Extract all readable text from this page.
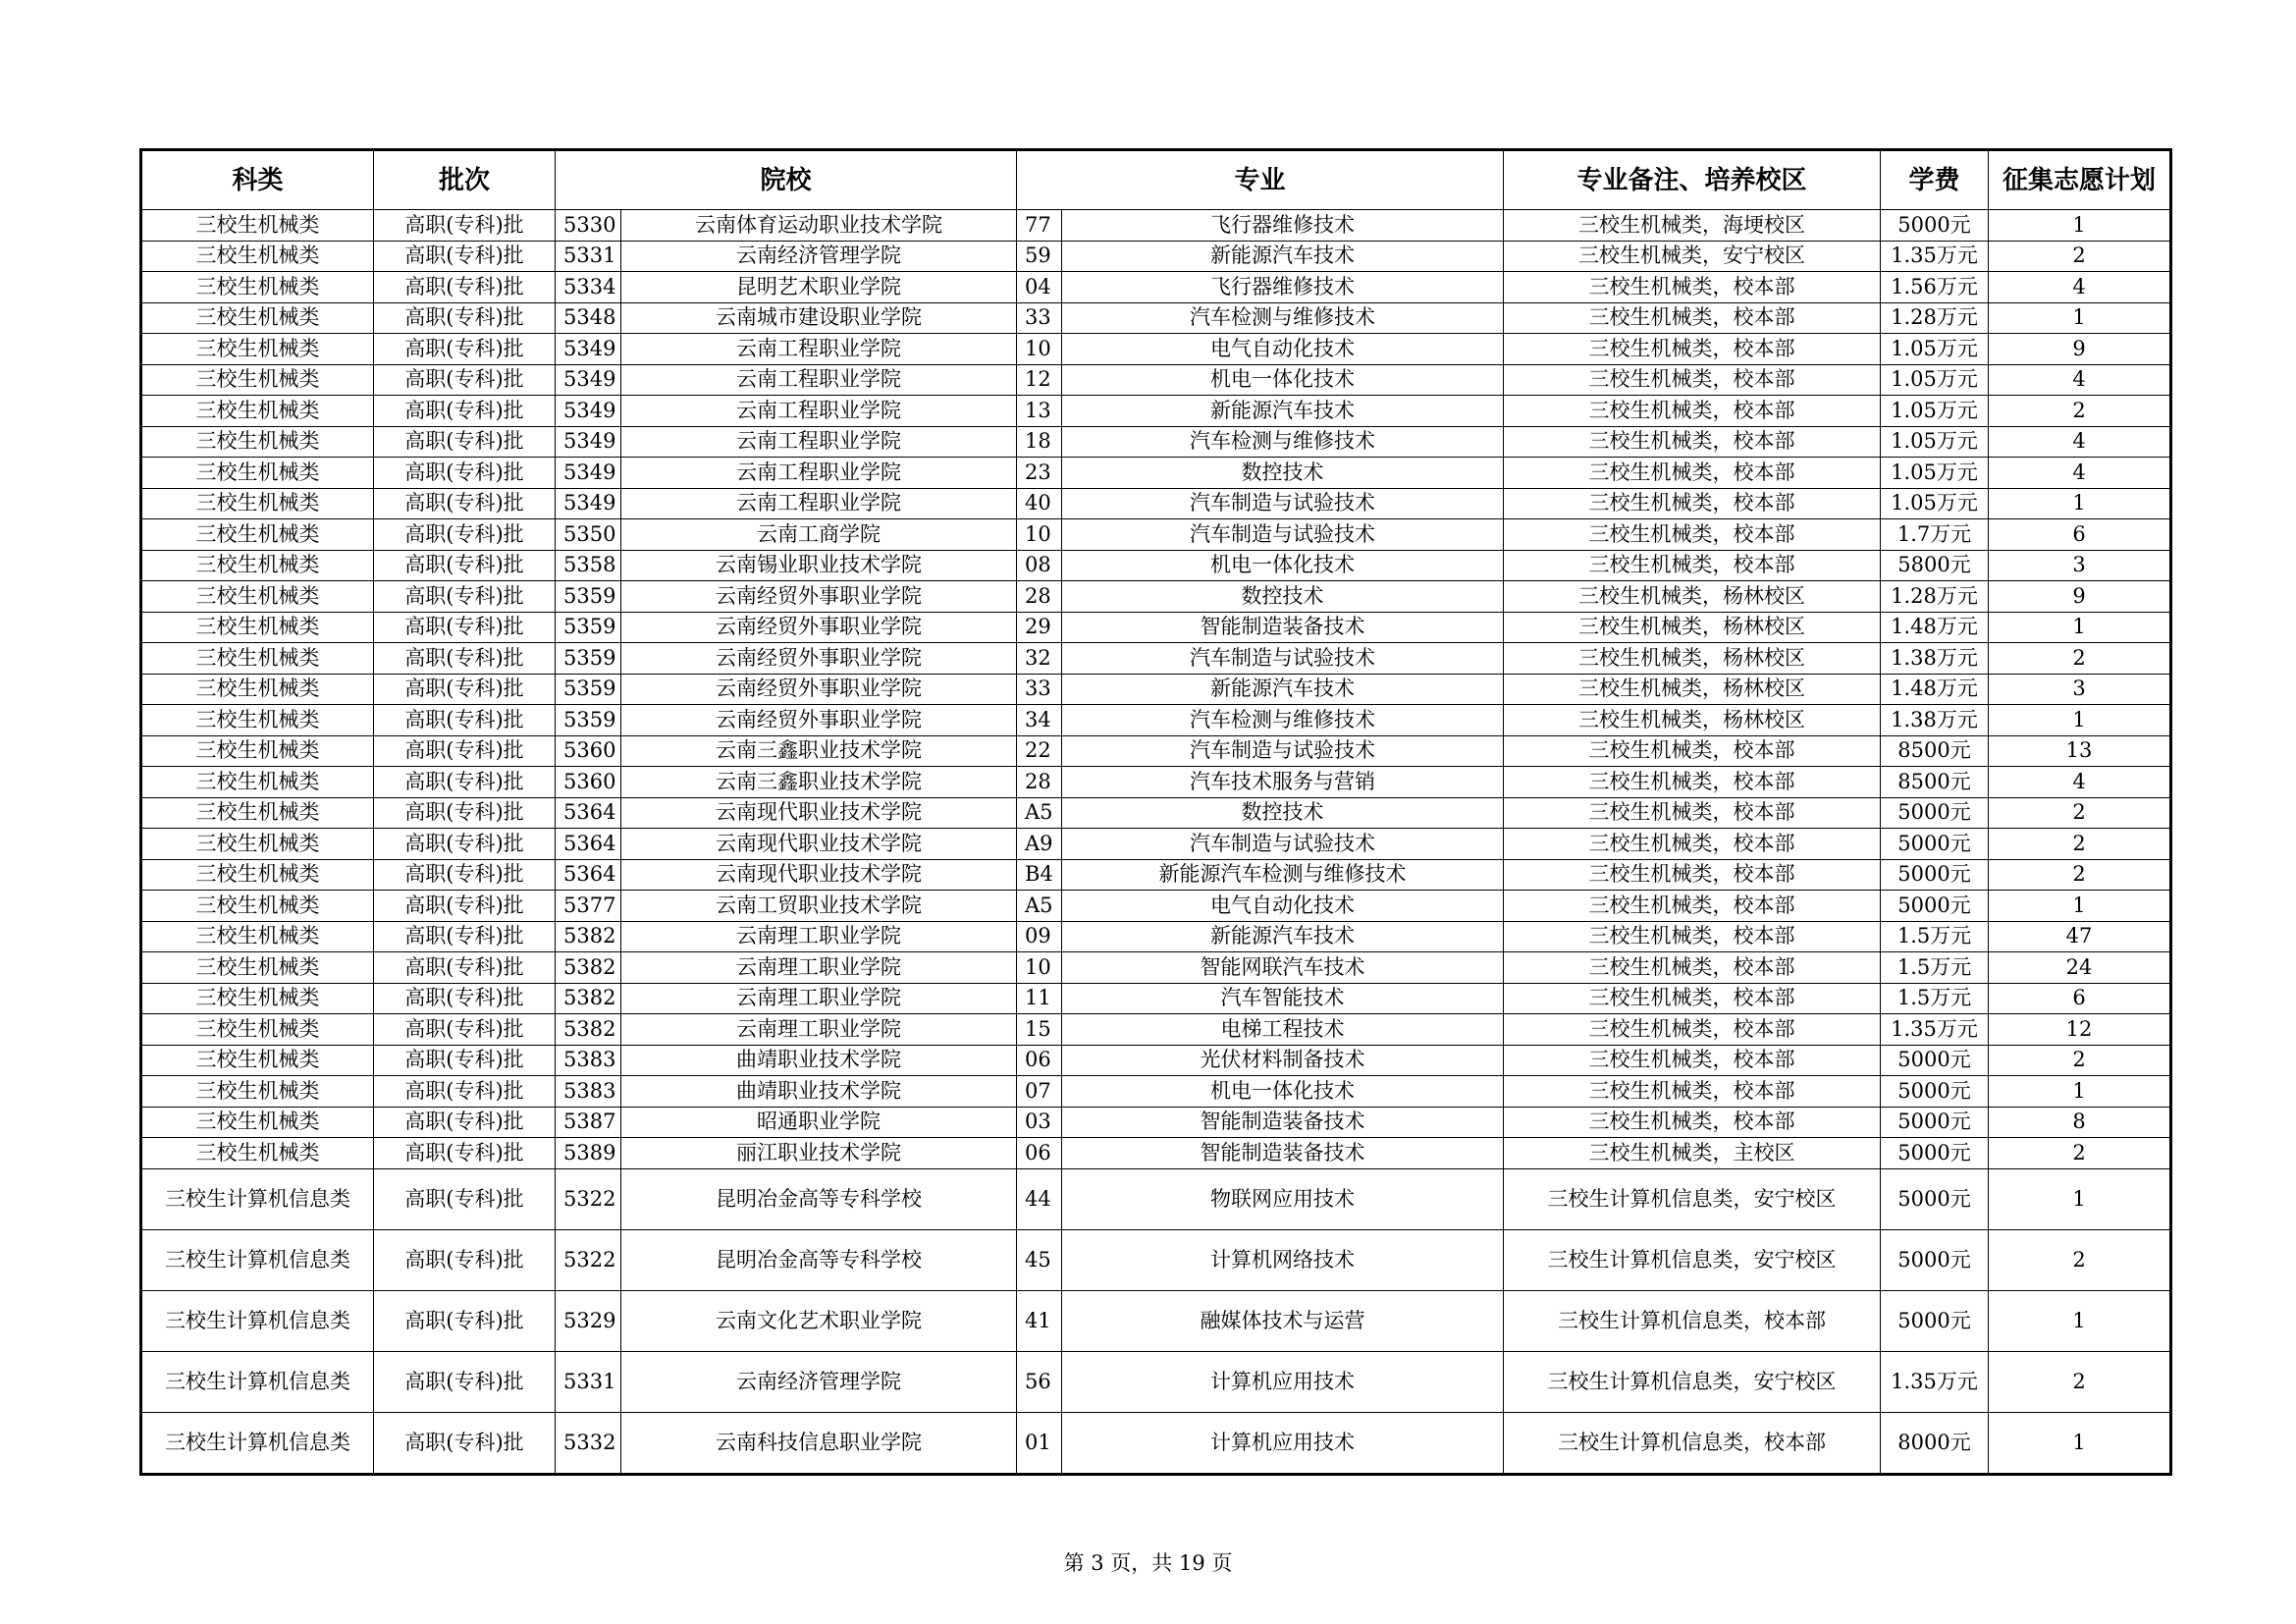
科类	批次	院校		专业		专业备注、培养校区	学费	征集志愿计划
三校生机械类	高职(专科)批	5330	云南体育运动职业技术学院	77	飞行器维修技术	三校生机械类，海埂校区	5000元	1
三校生机械类	高职(专科)批	5331	云南经济管理学院	59	新能源汽车技术	三校生机械类，安宁校区	1.35万元	2
三校生机械类	高职(专科)批	5334	昆明艺术职业学院	04	飞行器维修技术	三校生机械类，校本部	1.56万元	4
三校生机械类	高职(专科)批	5348	云南城市建设职业学院	33	汽车检测与维修技术	三校生机械类，校本部	1.28万元	1
三校生机械类	高职(专科)批	5349	云南工程职业学院	10	电气自动化技术	三校生机械类，校本部	1.05万元	9
三校生机械类	高职(专科)批	5349	云南工程职业学院	12	机电一体化技术	三校生机械类，校本部	1.05万元	4
三校生机械类	高职(专科)批	5349	云南工程职业学院	13	新能源汽车技术	三校生机械类，校本部	1.05万元	2
三校生机械类	高职(专科)批	5349	云南工程职业学院	18	汽车检测与维修技术	三校生机械类，校本部	1.05万元	4
三校生机械类	高职(专科)批	5349	云南工程职业学院	23	数控技术	三校生机械类，校本部	1.05万元	4
三校生机械类	高职(专科)批	5349	云南工程职业学院	40	汽车制造与试验技术	三校生机械类，校本部	1.05万元	1
三校生机械类	高职(专科)批	5350	云南工商学院	10	汽车制造与试验技术	三校生机械类，校本部	1.7万元	6
三校生机械类	高职(专科)批	5358	云南锡业职业技术学院	08	机电一体化技术	三校生机械类，校本部	5800元	3
三校生机械类	高职(专科)批	5359	云南经贸外事职业学院	28	数控技术	三校生机械类，杨林校区	1.28万元	9
三校生机械类	高职(专科)批	5359	云南经贸外事职业学院	29	智能制造装备技术	三校生机械类，杨林校区	1.48万元	1
三校生机械类	高职(专科)批	5359	云南经贸外事职业学院	32	汽车制造与试验技术	三校生机械类，杨林校区	1.38万元	2
三校生机械类	高职(专科)批	5359	云南经贸外事职业学院	33	新能源汽车技术	三校生机械类，杨林校区	1.48万元	3
三校生机械类	高职(专科)批	5359	云南经贸外事职业学院	34	汽车检测与维修技术	三校生机械类，杨林校区	1.38万元	1
三校生机械类	高职(专科)批	5360	云南三鑫职业技术学院	22	汽车制造与试验技术	三校生机械类，校本部	8500元	13
三校生机械类	高职(专科)批	5360	云南三鑫职业技术学院	28	汽车技术服务与营销	三校生机械类，校本部	8500元	4
三校生机械类	高职(专科)批	5364	云南现代职业技术学院	A5	数控技术	三校生机械类，校本部	5000元	2
三校生机械类	高职(专科)批	5364	云南现代职业技术学院	A9	汽车制造与试验技术	三校生机械类，校本部	5000元	2
三校生机械类	高职(专科)批	5364	云南现代职业技术学院	B4	新能源汽车检测与维修技术	三校生机械类，校本部	5000元	2
三校生机械类	高职(专科)批	5377	云南工贸职业技术学院	A5	电气自动化技术	三校生机械类，校本部	5000元	1
三校生机械类	高职(专科)批	5382	云南理工职业学院	09	新能源汽车技术	三校生机械类，校本部	1.5万元	47
三校生机械类	高职(专科)批	5382	云南理工职业学院	10	智能网联汽车技术	三校生机械类，校本部	1.5万元	24
三校生机械类	高职(专科)批	5382	云南理工职业学院	11	汽车智能技术	三校生机械类，校本部	1.5万元	6
三校生机械类	高职(专科)批	5382	云南理工职业学院	15	电梯工程技术	三校生机械类，校本部	1.35万元	12
三校生机械类	高职(专科)批	5383	曲靖职业技术学院	06	光伏材料制备技术	三校生机械类，校本部	5000元	2
三校生机械类	高职(专科)批	5383	曲靖职业技术学院	07	机电一体化技术	三校生机械类，校本部	5000元	1
三校生机械类	高职(专科)批	5387	昭通职业学院	03	智能制造装备技术	三校生机械类，校本部	5000元	8
三校生机械类	高职(专科)批	5389	丽江职业技术学院	06	智能制造装备技术	三校生机械类，主校区	5000元	2
三校生计算机信息类	高职(专科)批	5322	昆明冶金高等专科学校	44	物联网应用技术	三校生计算机信息类，安宁校区	5000元	1
三校生计算机信息类	高职(专科)批	5322	昆明冶金高等专科学校	45	计算机网络技术	三校生计算机信息类，安宁校区	5000元	2
三校生计算机信息类	高职(专科)批	5329	云南文化艺术职业学院	41	融媒体技术与运营	三校生计算机信息类，校本部	5000元	1
三校生计算机信息类	高职(专科)批	5331	云南经济管理学院	56	计算机应用技术	三校生计算机信息类，安宁校区	1.35万元	2
三校生计算机信息类	高职(专科)批	5332	云南科技信息职业学院	01	计算机应用技术	三校生计算机信息类，校本部	8000元	1
第 3 页，共 19 页
